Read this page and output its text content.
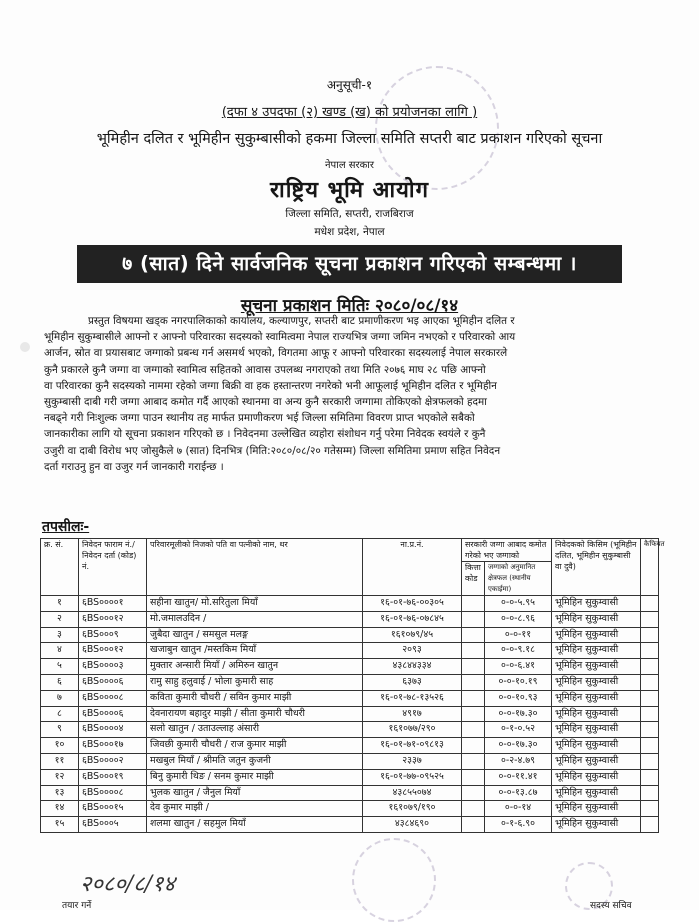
अनुसूची-१
(दफा ४ उपदफा (२) खण्ड (ख) को प्रयोजनका लागि )
भूमिहीन दलित र भूमिहीन सुकुम्बासीको हकमा जिल्ला समिति सप्तरी बाट प्रकाशन गरिएको सूचना
नेपाल सरकार
राष्ट्रिय भूमि आयोग
जिल्ला समिति, सप्तरी, राजबिराज
मधेश प्रदेश, नेपाल
७ (सात) दिने सार्वजनिक सूचना प्रकाशन गरिएको सम्बन्धमा ।
सूचना प्रकाशन मितिः २०८०/०८/१४
प्रस्तुत विषयमा खड्क नगरपालिकाको कार्यालय, कल्याणपुर, सप्तरी बाट प्रमाणीकरण भइ आएका भूमिहीन दलित र
भूमिहीन सुकुम्बासीले आफ्नो र आफ्नो परिवारका सदस्यको स्वामित्वमा नेपाल राज्यभित्र जग्गा जमिन नभएको र परिवारको आय
आर्जन, स्रोत वा प्रयासबाट जग्गाको प्रबन्ध गर्न असमर्थ भएको, विगतमा आफू र आफ्नो परिवारका सदस्यलाई नेपाल सरकारले
कुनै प्रकारले कुनै जग्गा वा जग्गाको स्वामित्व सहितको आवास उपलब्ध नगराएको तथा मिति २०७६ माघ २८ पछि आफ्नो
वा परिवारका कुनै सदस्यको नाममा रहेको जग्गा बिक्री वा हक हस्तान्तरण नगरेको भनी आफूलाई भूमिहीन दलित र भूमिहीन
सुकुम्बासी दाबी गरी जग्गा आबाद कमोत गर्दै आएको स्थानमा वा अन्य कुनै सरकारी जग्गामा तोकिएको क्षेत्रफलको हदमा
नबढ्ने गरी निःशुल्क जग्गा पाउन स्थानीय तह मार्फत प्रमाणीकरण भई जिल्ला समितिमा विवरण प्राप्त भएकोले सबैको
जानकारीका लागि यो सूचना प्रकाशन गरिएको छ । निवेदनमा उल्लेखित व्यहोरा संशोधन गर्नु परेमा निवेदक स्वयंले र कुनै
उजुरी वा दाबी विरोध भए जोसुकैले ७ (सात) दिनभित्र (मिति:२०८०/०८/२० गतेसम्म) जिल्ला समितिमा प्रमाण सहित निवेदन
दर्ता गराउनु हुन वा उजुर गर्न जानकारी गराईन्छ ।
तपसीलः-
क्र. सं.	निवेदन फाराम नं./ निवेदन दर्ता (कोड) नं.	परिवारमूलीको निजको पति वा पत्नीको नाम, थर	ना.प्र.नं.	सरकारी जग्गा आबाद कमोत गरेको भए जग्गाको		निवेदकको किसिम (भूमिहीन दलित, भूमिहीन सुकुम्बासी वा दुवै)	कैफियत
				कित्ता कोड	जग्गाको अनुमानित क्षेत्रफल (स्थानीय एकाईमा)		
१	६BS००००१	सहीना खातुन/ मो.सरितुला मियाँ	१६-०१-७६-००३०५		०-०-५.९५	भूमिहिन सुकुम्वासी	
२	६BS०००१२	मो.जमालउदिन /	१६-०१-७६-०७८४५		०-०-८.९६	भूमिहिन सुकुम्वासी	
३	६BS०००९	जुबैदा खातुन / समसुल मलङ्ग	१६१०७९/४५		०-०-११	भूमिहिन सुकुम्वासी	
४	६BS०००१२	खजाबुन खातुन /मस्तकिम मियाँ	२०९३		०-०-९.१८	भूमिहिन सुकुम्वासी	
५	६BS००००३	मुक्तार अन्सारी मियाँ / अमिरुन खातुन	४३८४४३३४		०-०-६.४१	भूमिहिन सुकुम्वासी	
६	६BS००००६	रामु साहु हलुवाई / भोला कुमारी साह	६३७३		०-०-१०.१९	भूमिहिन सुकुम्वासी	
७	६BS००००८	कविता कुमारी चौधरी / सविन कुमार माझी	१६-०१-७८-१३५२६		०-०-१०.९३	भूमिहिन सुकुम्वासी	
८	६BS००००६	देवनारायण बहादुर माझी / सीता कुमारी चौधरी	४९१७		०-०-१७.३०	भूमिहिन सुकुम्वासी	
९	६BS००००४	सलो खातुन / उताउल्लाह अंसारी	१६१०७७/२९०		०-१-०.५२	भूमिहिन सुकुम्वासी	
१०	६BS०००१७	जिवछी कुमारी चौधरी / राज कुमार माझी	१६-०१-७१-०९८१३		०-०-१७.३०	भूमिहिन सुकुम्वासी	
११	६BS००००२	मखबुल मियाँ / श्रीमति जतुन कुजनी	२३३७		०-२-४.७९	भूमिहिन सुकुम्वासी	
१२	६BS०००१९	बिनु कुमारी थिङ / सनम कुमार माझी	१६-०१-७७-०९५२५		०-०-११.४१	भूमिहिन सुकुम्वासी	
१३	६BS००००८	भुलक खातुन / जैनुल मियाँ	४३८५५०७४		०-०-१३.८७	भूमिहिन सुकुम्वासी	
१४	६BS०००१५	देव कुमार माझी /	१६१०७९/१९०		०-०-१४	भूमिहिन सुकुम्वासी	
१५	६BS०००५	शलमा खातुन / सहमुल मियाँ	४३८४६९०		०-१-६.९०	भूमिहिन सुकुम्वासी	
२०८०/८/१४
तयार गर्ने	सदस्य सचिव
